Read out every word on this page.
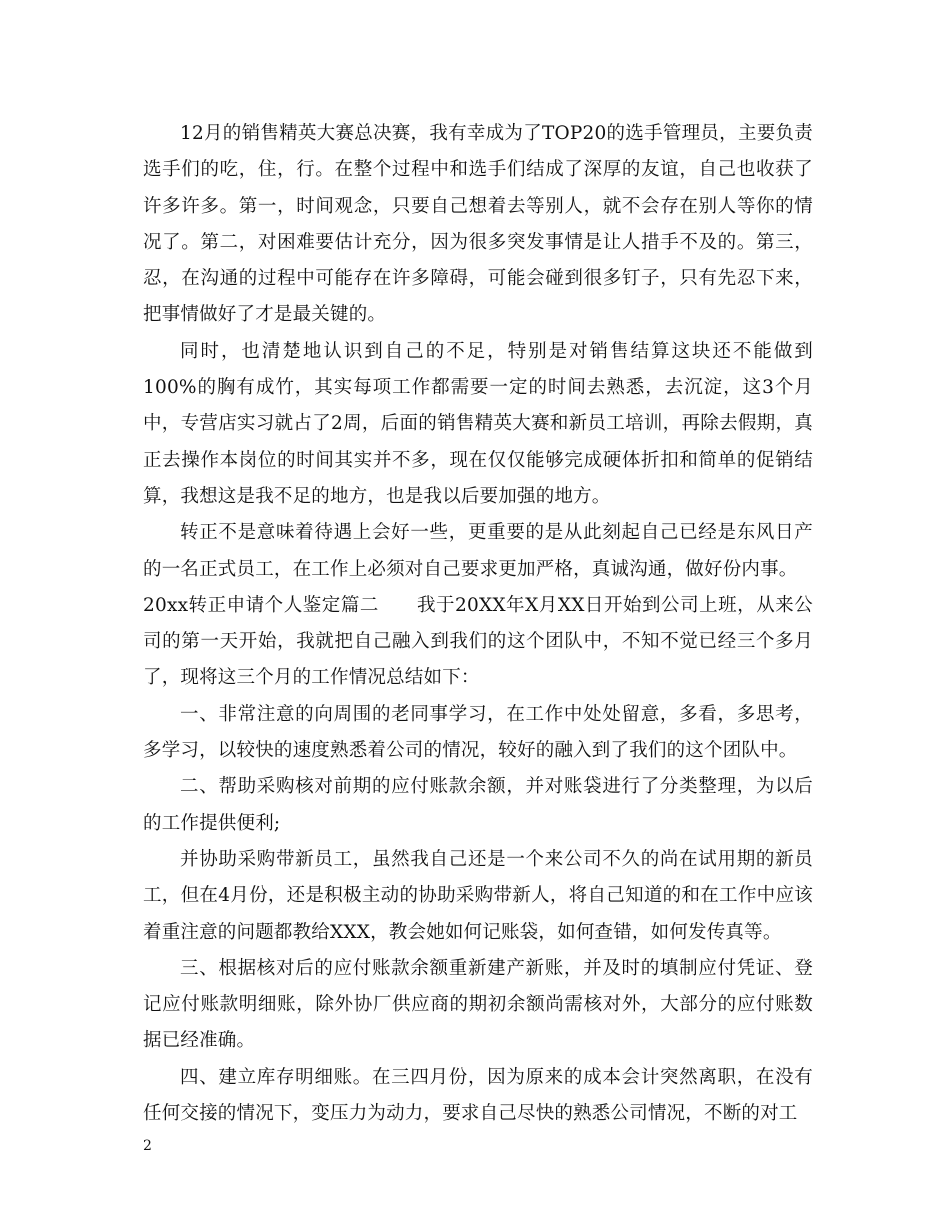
12月的销售精英大赛总决赛，我有幸成为了TOP20的选手管理员，主要负责选手们的吃，住，行。在整个过程中和选手们结成了深厚的友谊，自己也收获了许多许多。第一，时间观念，只要自己想着去等别人，就不会存在别人等你的情况了。第二，对困难要估计充分，因为很多突发事情是让人措手不及的。第三，忍，在沟通的过程中可能存在许多障碍，可能会碰到很多钉子，只有先忍下来，把事情做好了才是最关键的。

同时，也清楚地认识到自己的不足，特别是对销售结算这块还不能做到100%的胸有成竹，其实每项工作都需要一定的时间去熟悉，去沉淀，这3个月中，专营店实习就占了2周，后面的销售精英大赛和新员工培训，再除去假期，真正去操作本岗位的时间其实并不多，现在仅仅能够完成硬体折扣和简单的促销结算，我想这是我不足的地方，也是我以后要加强的地方。

转正不是意味着待遇上会好一些，更重要的是从此刻起自己已经是东风日产的一名正式员工，在工作上必须对自己要求更加严格，真诚沟通，做好份内事。

20xx转正申请个人鉴定篇二　　我于20XX年X月XX日开始到公司上班，从来公司的第一天开始，我就把自己融入到我们的这个团队中，不知不觉已经三个多月了，现将这三个月的工作情况总结如下：

一、非常注意的向周围的老同事学习，在工作中处处留意，多看，多思考，多学习，以较快的速度熟悉着公司的情况，较好的融入到了我们的这个团队中。

二、帮助采购核对前期的应付账款余额，并对账袋进行了分类整理，为以后的工作提供便利;

并协助采购带新员工，虽然我自己还是一个来公司不久的尚在试用期的新员工，但在4月份，还是积极主动的协助采购带新人，将自己知道的和在工作中应该着重注意的问题都教给XXX，教会她如何记账袋，如何查错，如何发传真等。

三、根据核对后的应付账款余额重新建产新账，并及时的填制应付凭证、登记应付账款明细账，除外协厂供应商的期初余额尚需核对外，大部分的应付账数据已经准确。

四、建立库存明细账。在三四月份，因为原来的成本会计突然离职，在没有任何交接的情况下，变压力为动力，要求自己尽快的熟悉公司情况，不断的对工

2
